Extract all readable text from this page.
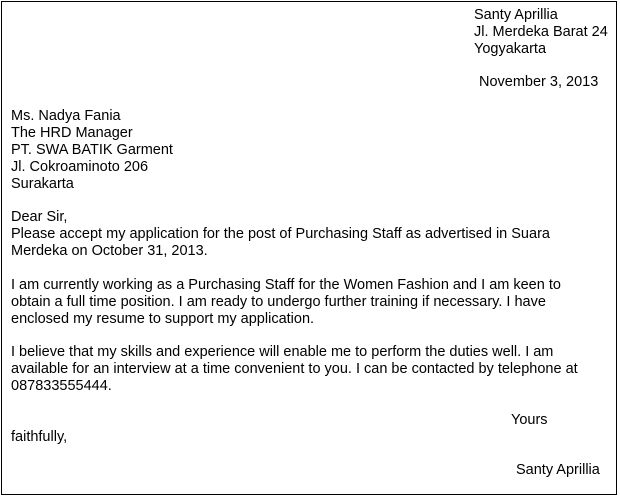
Santy Aprillia
Jl. Merdeka Barat 24
Yogyakarta
November 3, 2013
Ms. Nadya Fania
The HRD Manager
PT. SWA BATIK Garment
Jl. Cokroaminoto 206
Surakarta
Dear Sir,
Please accept my application for the post of Purchasing Staff as advertised in Suara
Merdeka on October 31, 2013.
I am currently working as a Purchasing Staff for the Women Fashion and I am keen to
obtain a full time position. I am ready to undergo further training if necessary. I have
enclosed my resume to support my application.
I believe that my skills and experience will enable me to perform the duties well. I am
available for an interview at a time convenient to you. I can be contacted by telephone at
087833555444.
Yours
faithfully,
Santy Aprillia
